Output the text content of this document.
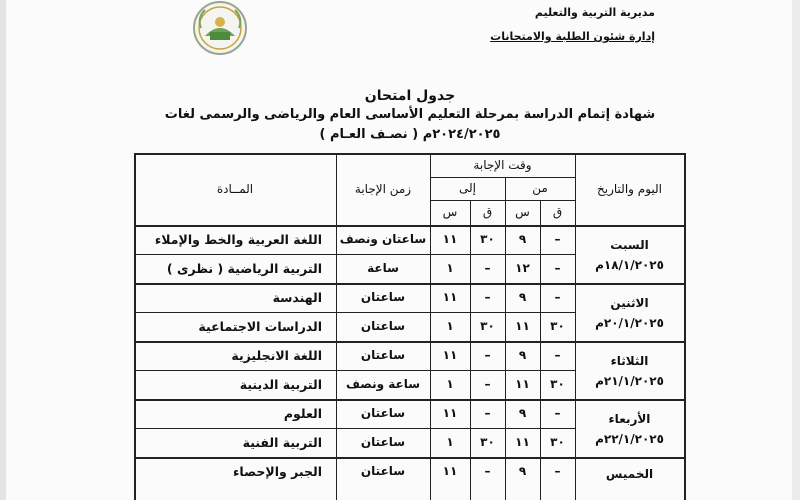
مديرية التربية والتعليم
إدارة شئون الطلبة والامتحانات
جدول امتحان
شهادة إتمام الدراسة بمرحلة التعليم الأساسى العام والرياضى والرسمى لغات
( نصـف العـام ) ٢٠٢٤/٢٠٢٥م
اليوم والتاريخ
وقت الإجابة
من
إلى
ق
س
ق
س
زمن الإجابة
المــادة
–
٩
٣٠
١١
ساعتان ونصف
اللغة العربية والخط والإملاء
–
١٢
–
١
ساعة
التربية الرياضية ( نظرى )
–
٩
–
١١
ساعتان
الهندسة
٣٠
١١
٣٠
١
ساعتان
الدراسات الاجتماعية
–
٩
–
١١
ساعتان
اللغة الانجليزية
٣٠
١١
–
١
ساعة ونصف
التربية الدينية
–
٩
–
١١
ساعتان
العلوم
٣٠
١١
٣٠
١
ساعتان
التربية الفنية
–
٩
–
١١
ساعتان
الجبر والإحصاء
السبت
١٨/١/٢٠٢٥م
الاثنين
٢٠/١/٢٠٢٥م
الثلاثاء
٢١/١/٢٠٢٥م
الأربعاء
٢٢/١/٢٠٢٥م
الخميس
